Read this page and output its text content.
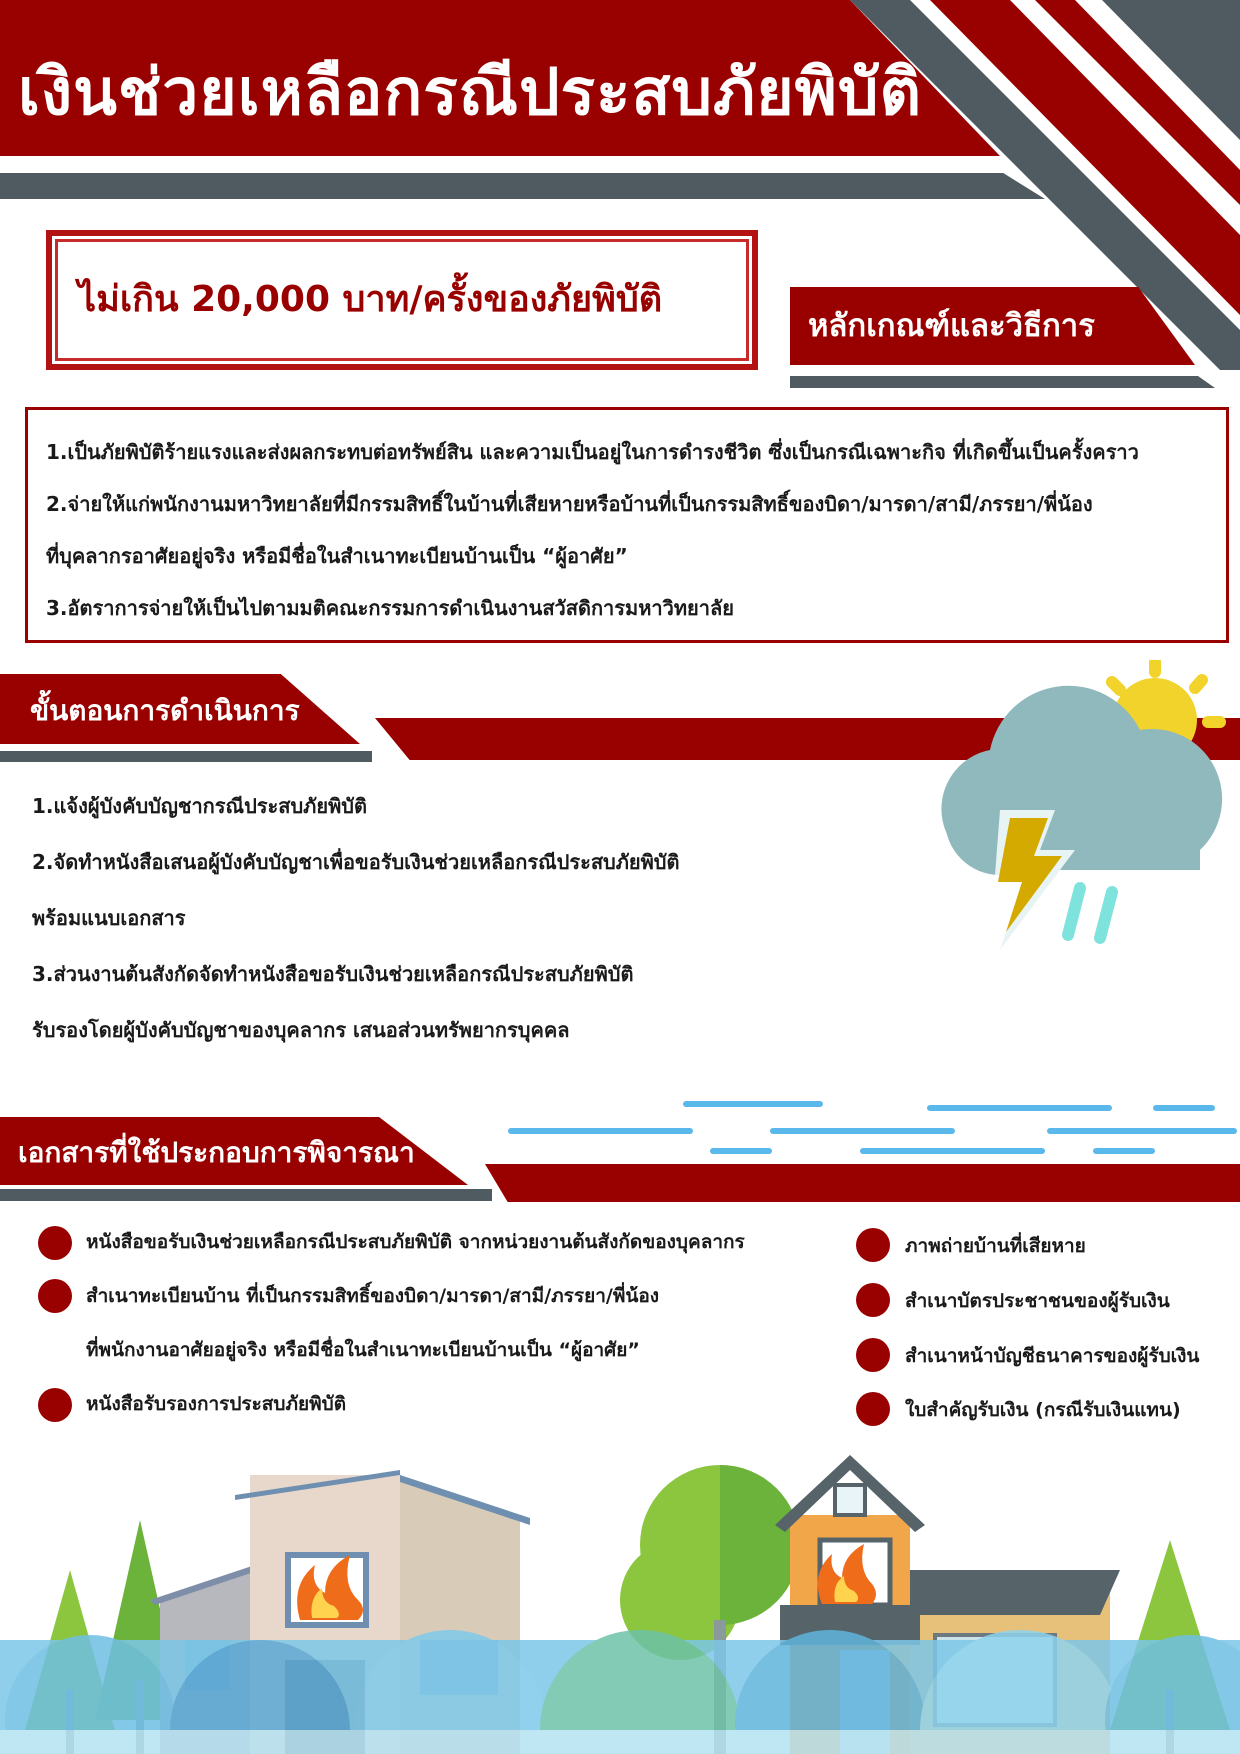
เงินช่วยเหลือกรณีประสบภัยพิบัติ
ไม่เกิน 20,000 บาท/ครั้งของภัยพิบัติ
หลักเกณฑ์และวิธีการ
1.เป็นภัยพิบัติร้ายแรงและส่งผลกระทบต่อทรัพย์สิน และความเป็นอยู่ในการดำรงชีวิต ซึ่งเป็นกรณีเฉพาะกิจ ที่เกิดขึ้นเป็นครั้งคราว
2.จ่ายให้แก่พนักงานมหาวิทยาลัยที่มีกรรมสิทธิ์ในบ้านที่เสียหายหรือบ้านที่เป็นกรรมสิทธิ์ของบิดา/มารดา/สามี/ภรรยา/พี่น้อง
ที่บุคลากรอาศัยอยู่จริง หรือมีชื่อในสำเนาทะเบียนบ้านเป็น “ผู้อาศัย”
3.อัตราการจ่ายให้เป็นไปตามมติคณะกรรมการดำเนินงานสวัสดิการมหาวิทยาลัย
ขั้นตอนการดำเนินการ
1.แจ้งผู้บังคับบัญชากรณีประสบภัยพิบัติ
2.จัดทำหนังสือเสนอผู้บังคับบัญชาเพื่อขอรับเงินช่วยเหลือกรณีประสบภัยพิบัติ
พร้อมแนบเอกสาร
3.ส่วนงานต้นสังกัดจัดทำหนังสือขอรับเงินช่วยเหลือกรณีประสบภัยพิบัติ
รับรองโดยผู้บังคับบัญชาของบุคลากร เสนอส่วนทรัพยากรบุคคล
เอกสารที่ใช้ประกอบการพิจารณา
หนังสือขอรับเงินช่วยเหลือกรณีประสบภัยพิบัติ จากหน่วยงานต้นสังกัดของบุคลากร
สำเนาทะเบียนบ้าน ที่เป็นกรรมสิทธิ์ของบิดา/มารดา/สามี/ภรรยา/พี่น้อง
ที่พนักงานอาศัยอยู่จริง หรือมีชื่อในสำเนาทะเบียนบ้านเป็น “ผู้อาศัย”
หนังสือรับรองการประสบภัยพิบัติ
ภาพถ่ายบ้านที่เสียหาย
สำเนาบัตรประชาชนของผู้รับเงิน
สำเนาหน้าบัญชีธนาคารของผู้รับเงิน
ใบสำคัญรับเงิน (กรณีรับเงินแทน)
